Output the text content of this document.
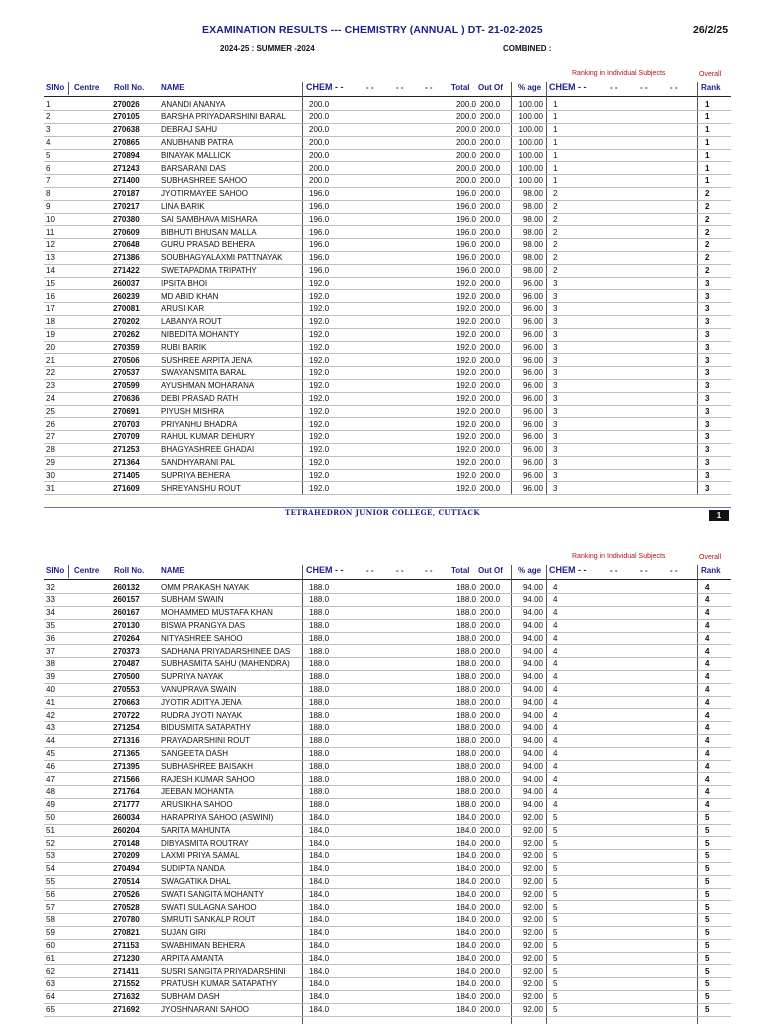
EXAMINATION RESULTS --- CHEMISTRY (ANNUAL ) DT- 21-02-2025	26/2/25
2024-25 : SUMMER -2024	COMBINED :
Ranking in Individual Subjects	Overall
SlNo Centre Roll No. NAME	CHEM - -	- -	- -	- - Total Out Of % age CHEM - -	- -	- -	- -	Rank
1	270026	ANANDI ANANYA	200.0	200.0 200.0	100.00 1	1
2	270105	BARSHA PRIYADARSHINI BARAL	200.0	200.0 200.0	100.00 1	1
3	270638	DEBRAJ SAHU	200.0	200.0 200.0	100.00 1	1
4	270865	ANUBHANB PATRA	200.0	200.0 200.0	100.00 1	1
5	270894	BINAYAK MALLICK	200.0	200.0 200.0	100.00 1	1
6	271243	BARSARANI DAS	200.0	200.0 200.0	100.00 1	1
7	271400	SUBHASHREE SAHOO	200.0	200.0 200.0	100.00 1	1
8	270187	JYOTIRMAYEE SAHOO	196.0	196.0 200.0	98.00 2	2
9	270217	LINA BARIK	196.0	196.0 200.0	98.00 2	2
10	270380	SAI SAMBHAVA MISHARA	196.0	196.0 200.0	98.00 2	2
11	270609	BIBHUTI BHUSAN MALLA	196.0	196.0 200.0	98.00 2	2
12	270648	GURU PRASAD BEHERA	196.0	196.0 200.0	98.00 2	2
13	271386	SOUBHAGYALAXMI PATTNAYAK	196.0	196.0 200.0	98.00 2	2
14	271422	SWETAPADMA TRIPATHY	196.0	196.0 200.0	98.00 2	2
15	260037	IPSITA BHOI	192.0	192.0 200.0	96.00 3	3
16	260239	MD ABID KHAN	192.0	192.0 200.0	96.00 3	3
17	270081	ARUSI KAR	192.0	192.0 200.0	96.00 3	3
18	270202	LABANYA ROUT	192.0	192.0 200.0	96.00 3	3
19	270262	NIBEDITA MOHANTY	192.0	192.0 200.0	96.00 3	3
20	270359	RUBI BARIK	192.0	192.0 200.0	96.00 3	3
21	270506	SUSHREE ARPITA JENA	192.0	192.0 200.0	96.00 3	3
22	270537	SWAYANSMITA BARAL	192.0	192.0 200.0	96.00 3	3
23	270599	AYUSHMAN MOHARANA	192.0	192.0 200.0	96.00 3	3
24	270636	DEBI PRASAD RATH	192.0	192.0 200.0	96.00 3	3
25	270691	PIYUSH MISHRA	192.0	192.0 200.0	96.00 3	3
26	270703	PRIYANHU BHADRA	192.0	192.0 200.0	96.00 3	3
27	270709	RAHUL KUMAR DEHURY	192.0	192.0 200.0	96.00 3	3
28	271253	BHAGYASHREE GHADAI	192.0	192.0 200.0	96.00 3	3
29	271364	SANDHYARANI PAL	192.0	192.0 200.0	96.00 3	3
30	271405	SUPRIYA BEHERA	192.0	192.0 200.0	96.00 3	3
31	271609	SHREYANSHU ROUT	192.0	192.0 200.0	96.00 3	3
TETRAHEDRON JUNIOR COLLEGE, CUTTACK	1
Ranking in Individual Subjects	Overall
SlNo Centre Roll No. NAME	CHEM - -	- -	- -	- - Total Out Of % age CHEM - -	- -	- -	- -	Rank
32	260132	OMM PRAKASH NAYAK	188.0	188.0 200.0	94.00 4	4
33	260157	SUBHAM SWAIN	188.0	188.0 200.0	94.00 4	4
34	260167	MOHAMMED MUSTAFA KHAN	188.0	188.0 200.0	94.00 4	4
35	270130	BISWA PRANGYA DAS	188.0	188.0 200.0	94.00 4	4
36	270264	NITYASHREE SAHOO	188.0	188.0 200.0	94.00 4	4
37	270373	SADHANA PRIYADARSHINEE DAS 188.0	188.0 200.0	94.00 4	4
38	270487	SUBHASMITA SAHU (MAHENDRA) 188.0	188.0 200.0	94.00 4	4
39	270500	SUPRIYA NAYAK	188.0	188.0 200.0	94.00 4	4
40	270553	VANUPRAVA SWAIN	188.0	188.0 200.0	94.00 4	4
41	270663	JYOTIR ADITYA JENA	188.0	188.0 200.0	94.00 4	4
42	270722	RUDRA JYOTI NAYAK	188.0	188.0 200.0	94.00 4	4
43	271254	BIDUSMITA SATAPATHY	188.0	188.0 200.0	94.00 4	4
44	271316	PRAYADARSHINI ROUT	188.0	188.0 200.0	94.00 4	4
45	271365	SANGEETA DASH	188.0	188.0 200.0	94.00 4	4
46	271395	SUBHASHREE BAISAKH	188.0	188.0 200.0	94.00 4	4
47	271566	RAJESH KUMAR SAHOO	188.0	188.0 200.0	94.00 4	4
48	271764	JEEBAN MOHANTA	188.0	188.0 200.0	94.00 4	4
49	271777	ARUSIKHA SAHOO	188.0	188.0 200.0	94.00 4	4
50	260034	HARAPRIYA SAHOO (ASWINI)	184.0	184.0 200.0	92.00 5	5
51	260204	SARITA MAHUNTA	184.0	184.0 200.0	92.00 5	5
52	270148	DIBYASMITA ROUTRAY	184.0	184.0 200.0	92.00 5	5
53	270209	LAXMI PRIYA SAMAL	184.0	184.0 200.0	92.00 5	5
54	270494	SUDIPTA NANDA	184.0	184.0 200.0	92.00 5	5
55	270514	SWAGATIKA DHAL	184.0	184.0 200.0	92.00 5	5
56	270526	SWATI SANGITA MOHANTY	184.0	184.0 200.0	92.00 5	5
57	270528	SWATI SULAGNA SAHOO	184.0	184.0 200.0	92.00 5	5
58	270780	SMRUTI SANKALP ROUT	184.0	184.0 200.0	92.00 5	5
59	270821	SUJAN GIRI	184.0	184.0 200.0	92.00 5	5
60	271153	SWABHIMAN BEHERA	184.0	184.0 200.0	92.00 5	5
61	271230	ARPITA AMANTA	184.0	184.0 200.0	92.00 5	5
62	271411	SUSRI SANGITA PRIYADARSHINI	184.0	184.0 200.0	92.00 5	5
63	271552	PRATUSH KUMAR SATAPATHY	184.0	184.0 200.0	92.00 5	5
64	271632	SUBHAM DASH	184.0	184.0 200.0	92.00 5	5
65	271692	JYOSHNARANI SAHOO	184.0	184.0 200.0	92.00 5	5
